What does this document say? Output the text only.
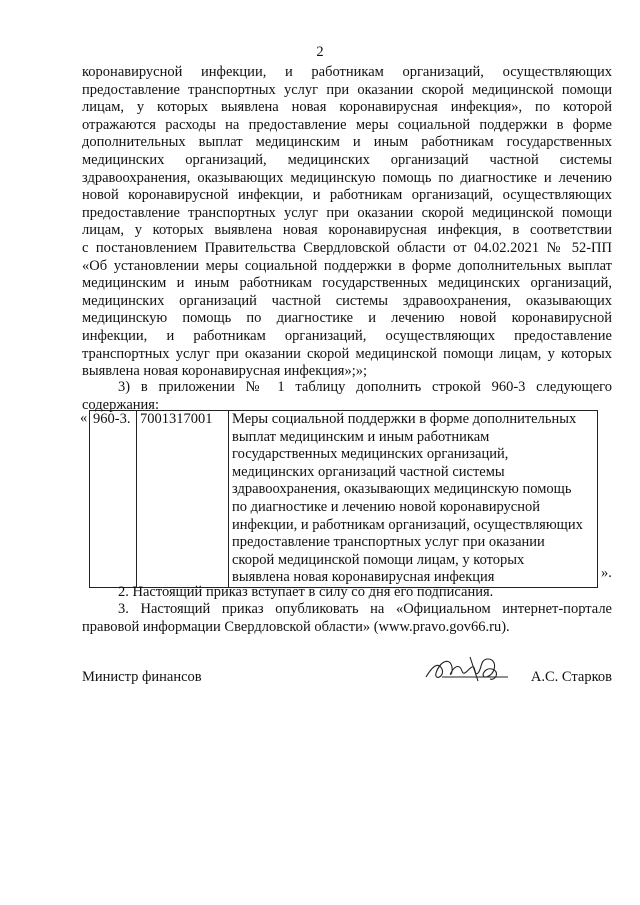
2
коронавирусной инфекции, и работникам организаций, осуществляющих
предоставление транспортных услуг при оказании скорой медицинской помощи
лицам, у которых выявлена новая коронавирусная инфекция», по которой
отражаются расходы на предоставление меры социальной поддержки в форме
дополнительных выплат медицинским и иным работникам государственных
медицинских организаций, медицинских организаций частной системы
здравоохранения, оказывающих медицинскую помощь по диагностике и лечению
новой коронавирусной инфекции, и работникам организаций, осуществляющих
предоставление транспортных услуг при оказании скорой медицинской помощи
лицам, у которых выявлена новая коронавирусная инфекция, в соответствии
с постановлением Правительства Свердловской области от 04.02.2021 № 52-ПП
«Об установлении меры социальной поддержки в форме дополнительных выплат
медицинским и иным работникам государственных медицинских организаций,
медицинских организаций частной системы здравоохранения, оказывающих
медицинскую помощь по диагностике и лечению новой коронавирусной
инфекции, и работникам организаций, осуществляющих предоставление
транспортных услуг при оказании скорой медицинской помощи лицам, у которых
выявлена новая коронавирусная инфекция»;»;
3) в приложении № 1 таблицу дополнить строкой 960-3 следующего
содержания:
« 960-3.	7001317001	Меры социальной поддержки в форме дополнительных
выплат медицинским и иным работникам
государственных медицинских организаций,
медицинских организаций частной системы
здравоохранения, оказывающих медицинскую помощь
по диагностике и лечению новой коронавирусной
инфекции, и работникам организаций, осуществляющих
предоставление транспортных услуг при оказании
скорой медицинской помощи лицам, у которых
выявлена новая коронавирусная инфекция	».
2. Настоящий приказ вступает в силу со дня его подписания.
3. Настоящий приказ опубликовать на «Официальном интернет-портале
правовой информации Свердловской области» (www.pravo.gov66.ru).
Министр финансов	А.С. Старков
